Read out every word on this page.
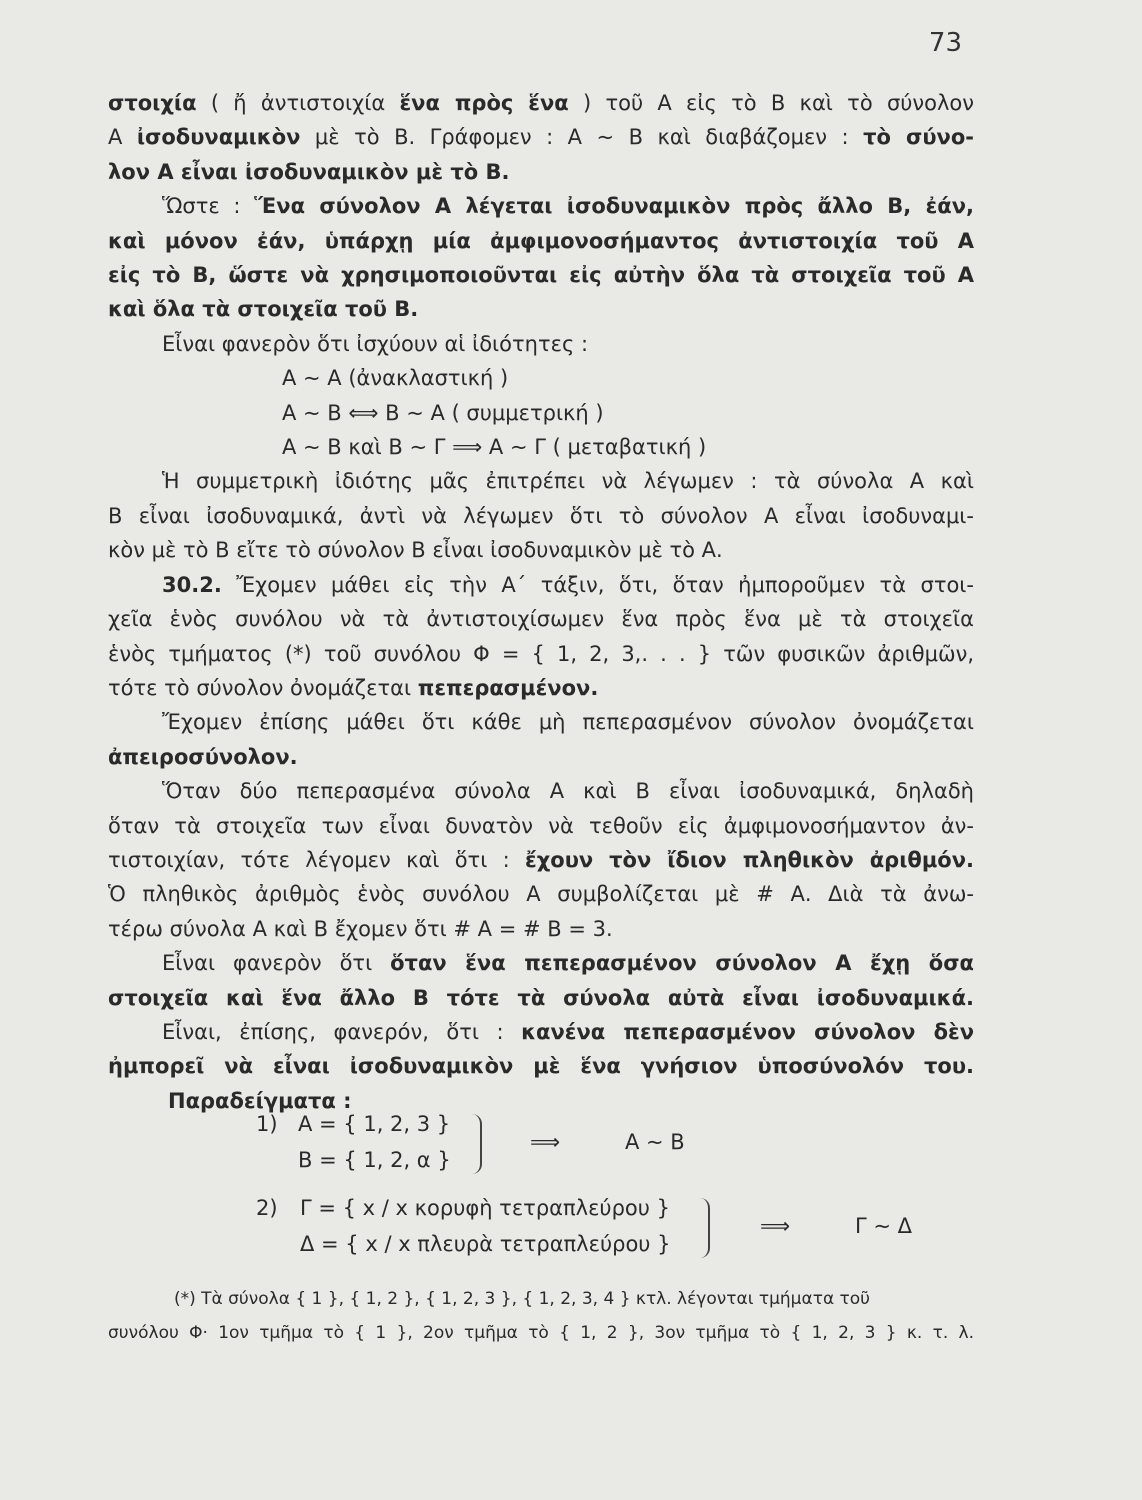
73
στοιχία ( ἤ ἀντιστοιχία ἕνα πρὸς ἕνα ) τοῦ Α εἰς τὸ Β καὶ τὸ σύνολον
Α ἰσοδυναμικὸν μὲ τὸ Β. Γράφομεν : Α ∼ Β καὶ διαβάζομεν : τὸ σύνο-
λον Α εἶναι ἰσοδυναμικὸν μὲ τὸ Β.
Ὥστε : Ἕνα σύνολον Α λέγεται ἰσοδυναμικὸν πρὸς ἄλλο Β, ἐάν,
καὶ μόνον ἐάν, ὑπάρχῃ μία ἀμφιμονοσήμαντος ἀντιστοιχία τοῦ Α
εἰς τὸ Β, ὥστε νὰ χρησιμοποιοῦνται εἰς αὐτὴν ὅλα τὰ στοιχεῖα τοῦ Α
καὶ ὅλα τὰ στοιχεῖα τοῦ Β.
Εἶναι φανερὸν ὅτι ἰσχύουν αἱ ἰδιότητες :
Α ∼ Α (ἀνακλαστική )
Α ∼ Β ⟺ Β ∼ Α ( συμμετρική )
Α ∼ Β καὶ Β ∼ Γ ⟹ Α ∼ Γ ( μεταβατική )
Ἡ συμμετρικὴ ἰδιότης μᾶς ἐπιτρέπει νὰ λέγωμεν : τὰ σύνολα Α καὶ
Β εἶναι ἰσοδυναμικά, ἀντὶ νὰ λέγωμεν ὅτι τὸ σύνολον Α εἶναι ἰσοδυναμι-
κὸν μὲ τὸ Β εἴτε τὸ σύνολον Β εἶναι ἰσοδυναμικὸν μὲ τὸ Α.
30.2. Ἔχομεν μάθει εἰς τὴν Α΄ τάξιν, ὅτι, ὅταν ἠμποροῦμεν τὰ στοι-
χεῖα ἑνὸς συνόλου νὰ τὰ ἀντιστοιχίσωμεν ἕνα πρὸς ἕνα μὲ τὰ στοιχεῖα
ἑνὸς τμήματος (*) τοῦ συνόλου Φ = { 1, 2, 3,. . . } τῶν φυσικῶν ἀριθμῶν,
τότε τὸ σύνολον ὀνομάζεται πεπερασμένον.
Ἔχομεν ἐπίσης μάθει ὅτι κάθε μὴ πεπερασμένον σύνολον ὀνομάζεται
ἀπειροσύνολον.
Ὅταν δύο πεπερασμένα σύνολα Α καὶ Β εἶναι ἰσοδυναμικά, δηλαδὴ
ὅταν τὰ στοιχεῖα των εἶναι δυνατὸν νὰ τεθοῦν εἰς ἀμφιμονοσήμαντον ἀν-
τιστοιχίαν, τότε λέγομεν καὶ ὅτι : ἔχουν τὸν ἴδιον πληθικὸν ἀριθμόν.
Ὁ πληθικὸς ἀριθμὸς ἑνὸς συνόλου Α συμβολίζεται μὲ # Α. Διὰ τὰ ἀνω-
τέρω σύνολα Α καὶ Β ἔχομεν ὅτι # Α = # Β = 3.
Εἶναι φανερὸν ὅτι ὅταν ἕνα πεπερασμένον σύνολον Α ἔχῃ ὅσα
στοιχεῖα καὶ ἕνα ἄλλο Β τότε τὰ σύνολα αὐτὰ εἶναι ἰσοδυναμικά.
Εἶναι, ἐπίσης, φανερόν, ὅτι : κανένα πεπερασμένον σύνολον δὲν
ἠμπορεῖ νὰ εἶναι ἰσοδυναμικὸν μὲ ἕνα γνήσιον ὑποσύνολόν του.
Παραδείγματα :
1) Α = { 1, 2, 3 }
Β = { 1, 2, α }
⟹	Α ∼ Β
2) Γ = { x / x κορυφὴ τετραπλεύρου }
Δ = { x / x πλευρὰ τετραπλεύρου }
⟹	Γ ∼ Δ
(*) Τὰ σύνολα { 1 }, { 1, 2 }, { 1, 2, 3 }, { 1, 2, 3, 4 } κτλ. λέγονται τμήματα τοῦ
συνόλου Φ· 1ον τμῆμα τὸ { 1 }, 2ον τμῆμα τὸ { 1, 2 }, 3ον τμῆμα τὸ { 1, 2, 3 } κ. τ. λ.
